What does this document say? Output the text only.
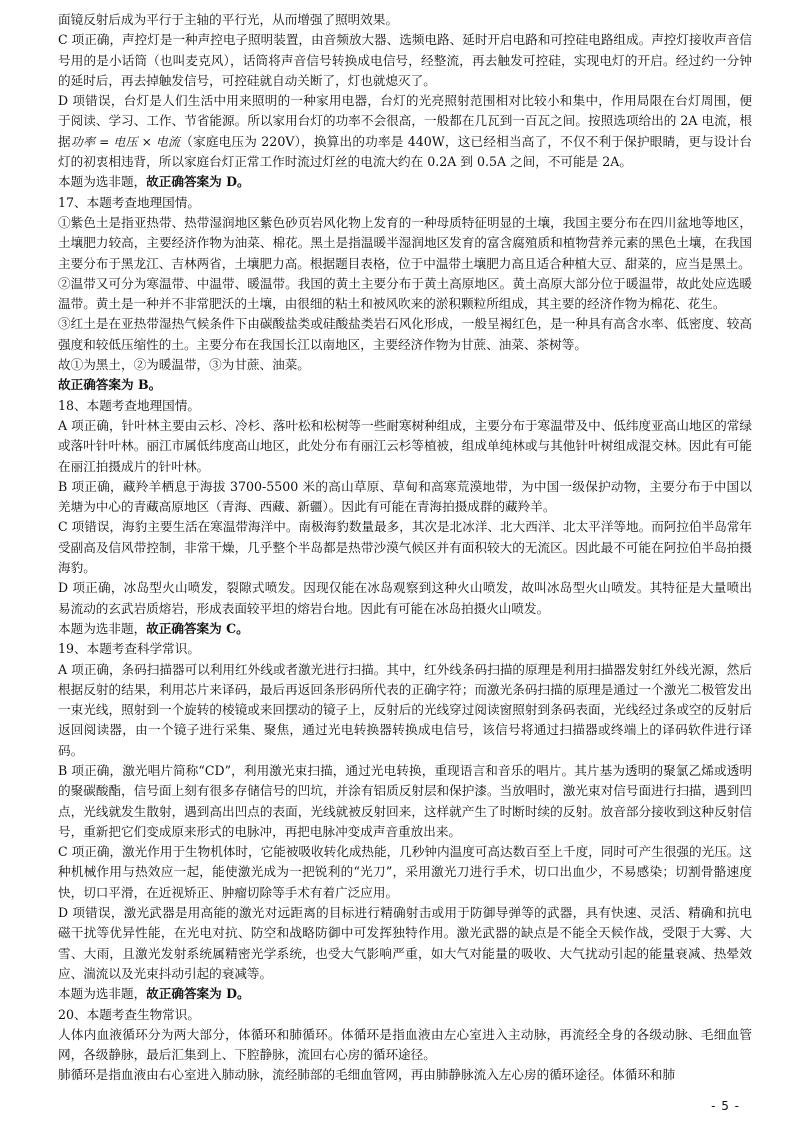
面镜反射后成为平行于主轴的平行光，从而增强了照明效果。

C 项正确，声控灯是一种声控电子照明装置，由音频放大器、选频电路、延时开启电路和可控硅电路组成。声控灯接收声音信号用的是小话筒（也叫麦克风），话筒将声音信号转换成电信号，经整流，再去触发可控硅，实现电灯的开启。经过约一分钟的延时后，再去掉触发信号，可控硅就自动关断了，灯也就熄灭了。

D 项错误，台灯是人们生活中用来照明的一种家用电器，台灯的光亮照射范围相对比较小和集中，作用局限在台灯周围，便于阅读、学习、工作、节省能源。所以家用台灯的功率不会很高，一般都在几瓦到一百瓦之间。按照选项给出的 2A 电流，根据功率 = 电压 × 电流（家庭电压为 220V），换算出的功率是 440W，这已经相当高了，不仅不利于保护眼睛，更与设计台灯的初衷相违背，所以家庭台灯正常工作时流过灯丝的电流大约在 0.2A 到 0.5A 之间，不可能是 2A。

本题为选非题，故正确答案为 D。

17、本题考查地理国情。

①紫色土是指亚热带、热带湿润地区紫色砂页岩风化物上发育的一种母质特征明显的土壤，我国主要分布在四川盆地等地区，土壤肥力较高，主要经济作物为油菜、棉花。黑土是指温暖半湿润地区发育的富含腐殖质和植物营养元素的黑色土壤，在我国主要分布于黑龙江、吉林两省，土壤肥力高。根据题目表格，位于中温带土壤肥力高且适合种植大豆、甜菜的，应当是黑土。

②温带又可分为寒温带、中温带、暖温带。我国的黄土主要分布于黄土高原地区。黄土高原大部分位于暖温带，故此处应选暖温带。黄土是一种并不非常肥沃的土壤，由很细的粘土和被风吹来的淤积颗粒所组成，其主要的经济作物为棉花、花生。

③红土是在亚热带湿热气候条件下由碳酸盐类或硅酸盐类岩石风化形成，一般呈褐红色，是一种具有高含水率、低密度、较高强度和较低压缩性的土。主要分布在我国长江以南地区，主要经济作物为甘蔗、油菜、茶树等。

故①为黑土，②为暖温带，③为甘蔗、油菜。

故正确答案为 B。

18、本题考查地理国情。

A 项正确，针叶林主要由云杉、冷杉、落叶松和松树等一些耐寒树种组成，主要分布于寒温带及中、低纬度亚高山地区的常绿或落叶针叶林。丽江市属低纬度高山地区，此处分布有丽江云杉等植被，组成单纯林或与其他针叶树组成混交林。因此有可能在丽江拍摄成片的针叶林。

B 项正确，藏羚羊栖息于海拔 3700-5500 米的高山草原、草甸和高寒荒漠地带，为中国一级保护动物，主要分布于中国以羌塘为中心的青藏高原地区（青海、西藏、新疆）。因此有可能在青海拍摄成群的藏羚羊。

C 项错误，海豹主要生活在寒温带海洋中。南极海豹数量最多，其次是北冰洋、北大西洋、北太平洋等地。而阿拉伯半岛常年受副高及信风带控制，非常干燥，几乎整个半岛都是热带沙漠气候区并有面积较大的无流区。因此最不可能在阿拉伯半岛拍摄海豹。

D 项正确，冰岛型火山喷发，裂隙式喷发。因现仅能在冰岛观察到这种火山喷发，故叫冰岛型火山喷发。其特征是大量喷出易流动的玄武岩质熔岩，形成表面较平坦的熔岩台地。因此有可能在冰岛拍摄火山喷发。

本题为选非题，故正确答案为 C。

19、本题考查科学常识。

A 项正确，条码扫描器可以利用红外线或者激光进行扫描。其中，红外线条码扫描的原理是利用扫描器发射红外线光源，然后根据反射的结果，利用芯片来译码，最后再返回条形码所代表的正确字符；而激光条码扫描的原理是通过一个激光二极管发出一束光线，照射到一个旋转的棱镜或来回摆动的镜子上，反射后的光线穿过阅读窗照射到条码表面，光线经过条或空的反射后返回阅读器，由一个镜子进行采集、聚焦，通过光电转换器转换成电信号，该信号将通过扫描器或终端上的译码软件进行译码。

B 项正确，激光唱片简称“CD”，利用激光束扫描，通过光电转换，重现语言和音乐的唱片。其片基为透明的聚氯乙烯或透明的聚碳酸酯，信号面上刻有很多存储信号的凹坑，并涂有铝质反射层和保护漆。当放唱时，激光束对信号面进行扫描，遇到凹点，光线就发生散射，遇到高出凹点的表面，光线就被反射回来，这样就产生了时断时续的反射。放音部分接收到这种反射信号，重新把它们变成原来形式的电脉冲，再把电脉冲变成声音重放出来。

C 项正确，激光作用于生物机体时，它能被吸收转化成热能，几秒钟内温度可高达数百至上千度，同时可产生很强的光压。这种机械作用与热效应一起，能使激光成为一把锐利的“光刀”，采用激光刀进行手术，切口出血少，不易感染；切割骨骼速度快，切口平滑，在近视矫正、肿瘤切除等手术有着广泛应用。

D 项错误，激光武器是用高能的激光对远距离的目标进行精确射击或用于防御导弹等的武器，具有快速、灵活、精确和抗电磁干扰等优异性能，在光电对抗、防空和战略防御中可发挥独特作用。激光武器的缺点是不能全天候作战，受限于大雾、大雪、大雨，且激光发射系统属精密光学系统，也受大气影响严重，如大气对能量的吸收、大气扰动引起的能量衰减、热晕效应、湍流以及光束抖动引起的衰减等。

本题为选非题，故正确答案为 D。

20、本题考查生物常识。

人体内血液循环分为两大部分，体循环和肺循环。体循环是指血液由左心室进入主动脉，再流经全身的各级动脉、毛细血管网，各级静脉，最后汇集到上、下腔静脉，流回右心房的循环途径。

肺循环是指血液由右心室进入肺动脉，流经肺部的毛细血管网，再由肺静脉流入左心房的循环途径。体循环和肺

- 5 -
